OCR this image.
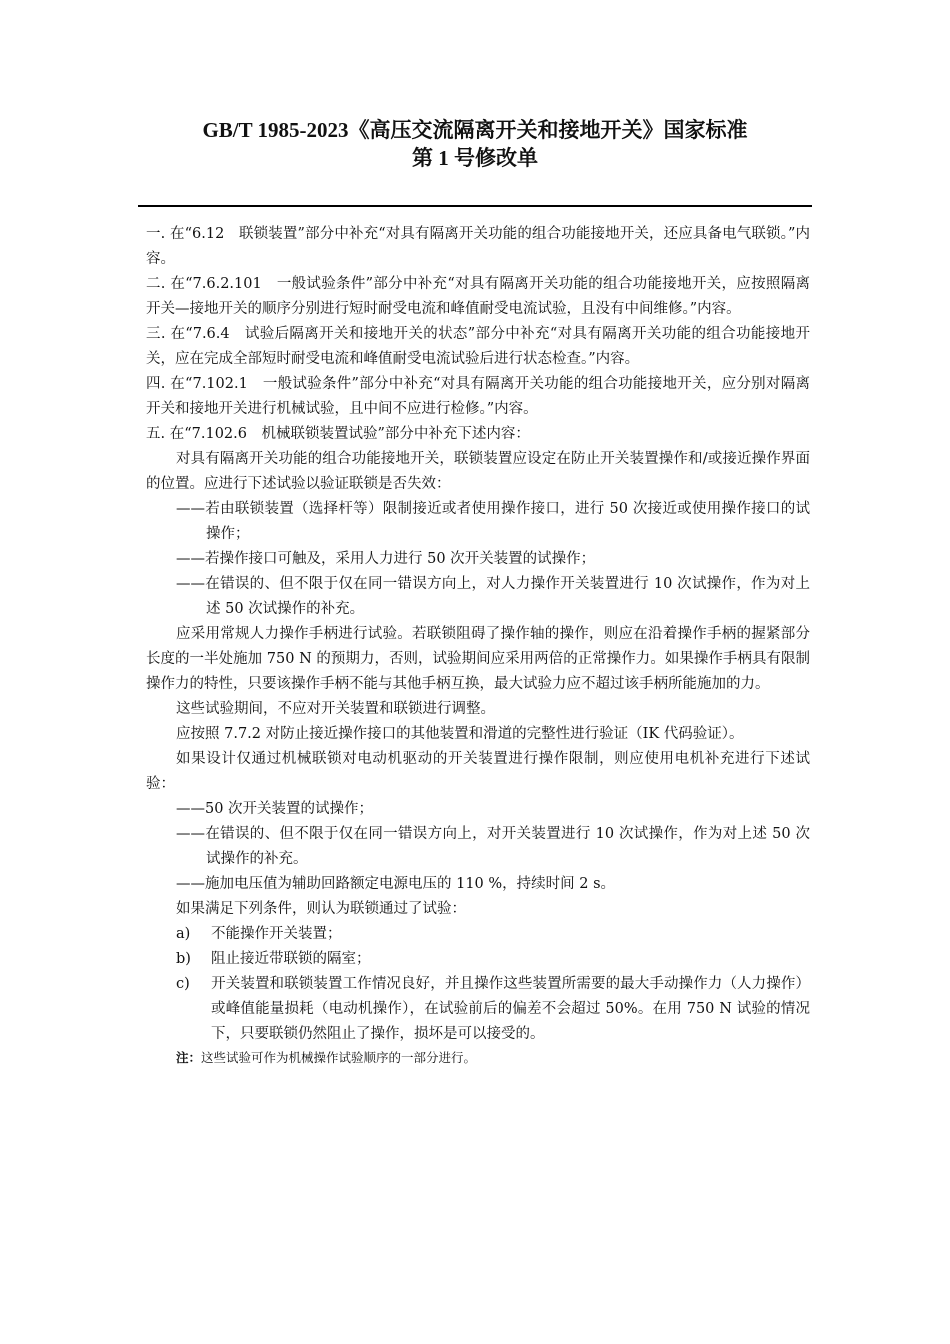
GB/T 1985-2023《高压交流隔离开关和接地开关》国家标准
第 1 号修改单

一. 在“6.12　联锁装置”部分中补充“对具有隔离开关功能的组合功能接地开关，还应具备电气联锁。”内容。

二. 在“7.6.2.101　一般试验条件”部分中补充“对具有隔离开关功能的组合功能接地开关，应按照隔离开关—接地开关的顺序分别进行短时耐受电流和峰值耐受电流试验，且没有中间维修。”内容。

三. 在“7.6.4　试验后隔离开关和接地开关的状态”部分中补充“对具有隔离开关功能的组合功能接地开关，应在完成全部短时耐受电流和峰值耐受电流试验后进行状态检查。”内容。

四. 在“7.102.1　一般试验条件”部分中补充“对具有隔离开关功能的组合功能接地开关，应分别对隔离开关和接地开关进行机械试验，且中间不应进行检修。”内容。

五. 在“7.102.6　机械联锁装置试验”部分中补充下述内容：

对具有隔离开关功能的组合功能接地开关，联锁装置应设定在防止开关装置操作和/或接近操作界面的位置。应进行下述试验以验证联锁是否失效：

——若由联锁装置（选择杆等）限制接近或者使用操作接口，进行 50 次接近或使用操作接口的试操作；

——若操作接口可触及，采用人力进行 50 次开关装置的试操作；

——在错误的、但不限于仅在同一错误方向上，对人力操作开关装置进行 10 次试操作，作为对上述 50 次试操作的补充。

应采用常规人力操作手柄进行试验。若联锁阻碍了操作轴的操作，则应在沿着操作手柄的握紧部分长度的一半处施加 750 N 的预期力，否则，试验期间应采用两倍的正常操作力。如果操作手柄具有限制操作力的特性，只要该操作手柄不能与其他手柄互换，最大试验力应不超过该手柄所能施加的力。

这些试验期间，不应对开关装置和联锁进行调整。

应按照 7.7.2 对防止接近操作接口的其他装置和滑道的完整性进行验证（IK 代码验证）。

如果设计仅通过机械联锁对电动机驱动的开关装置进行操作限制，则应使用电机补充进行下述试验：

——50 次开关装置的试操作；

——在错误的、但不限于仅在同一错误方向上，对开关装置进行 10 次试操作，作为对上述 50 次试操作的补充。

——施加电压值为辅助回路额定电源电压的 110 %，持续时间 2 s。

如果满足下列条件，则认为联锁通过了试验：

a) 不能操作开关装置；

b) 阻止接近带联锁的隔室；

c) 开关装置和联锁装置工作情况良好，并且操作这些装置所需要的最大手动操作力（人力操作）或峰值能量损耗（电动机操作），在试验前后的偏差不会超过 50%。在用 750 N 试验的情况下，只要联锁仍然阻止了操作，损坏是可以接受的。

注：这些试验可作为机械操作试验顺序的一部分进行。
